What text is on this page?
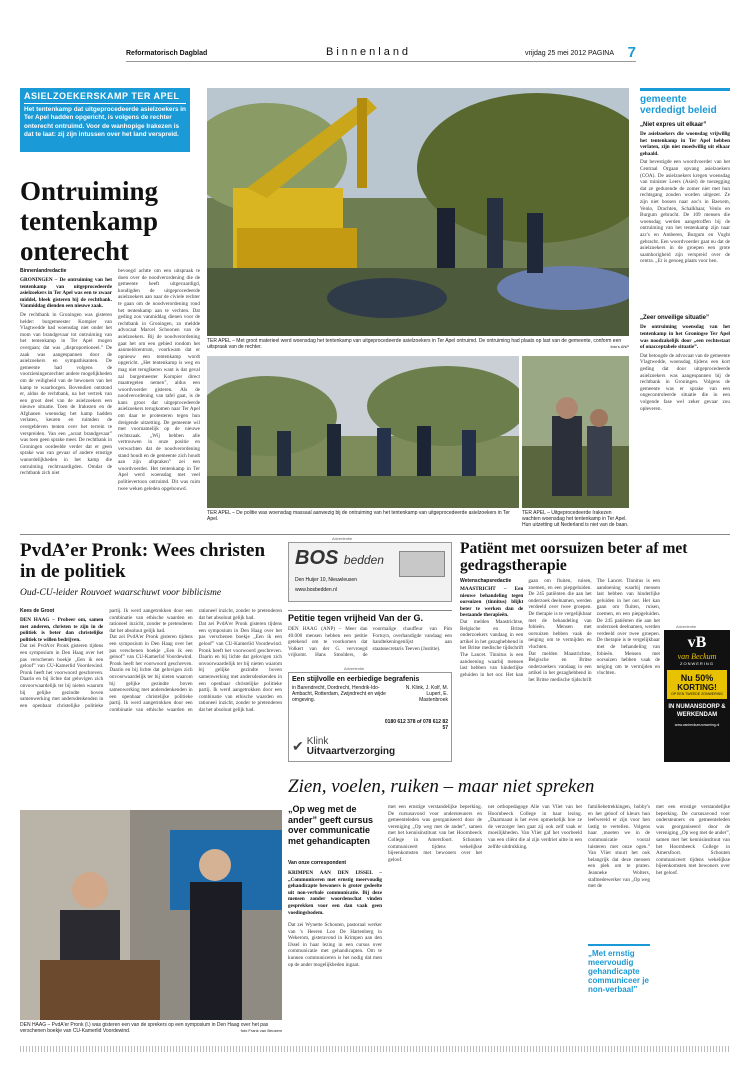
Reformatorisch Dagblad	Binnenland	vrijdag 25 mei 2012 PAGINA 7
ASIELZOEKERSKAMP TER APEL
Het tentenkamp dat uitgeprocedeerde asielzoekers in Ter Apel hadden opgericht, is volgens de rechter onterecht ontruimd. Voor de wanhopige Irakezen is dat te laat: zij zijn intussen over het land verspreid.
Ontruiming tentenkamp onterecht
Binnenlandredactie
GRONINGEN – De ontruiming van het tentenkamp van uitgeprocedeerde asielzoekers in Ter Apel was een te zwaar middel, bleek gisteren bij de rechtbank. Vanmiddag dienden een nieuwe zaak.
De rechtbank in Groningen was gisteren helder: burgemeester Kompier van Vlagtwedde had woensdag niet onder het mom van brandgevaar tot ontruiming van het tentenkamp in Ter Apel mogen overgaan; dat was „disproportioneel.” De zaak was aangespannen door de asielzoekers en sympathisanten. De gemeente had volgens de voorzieningenrechter andere mogelijkheden om de veiligheid van de bewoners van het kamp te waarborgen. Bovendien ontstond er, aldus de rechtbank, na het vertrek van een groot deel van de asielzoekers een nieuwe situatie. Toen de Irakezen en de Afghanen woensdag het kamp hadden verlaten, keuren en ruimden de overgebleven tenten over het terrein te verspreiden. Van een „acuut brandgevaar” was toen geen sprake meer. De rechtbank in Groningen oordeelde verder dat er geen sprake was van gevaar of andere ernstige wanordelijkheden in het kamp die ontruiming rechtvaardigden. Omdat de rechtbank zich niet
bevoegd achtte om een uitspraak te doen over de noodverordening die de gemeente heeft uitgevaardigd, kondigden de uitgeprocedeerde asielzoekers aan naar de civiele rechter te gaan om de noodverordening rond het tentenkamp aan te vechten. Dat geding zou vanmiddag dienen voor de rechtbank in Groningen, zo meldde advocaat Marcel Schoonen van de asielzoekers. Bij de noodverordening gaat het om een gebied rondom het aanmeldcentrum, voorkwam dat er opnieuw een tentenkamp wordt opgericht. „Het tentenkamp is weg en mag niet teruglkeren want is dat geval zal burgemeester Kompier direct maatregelen nemen”, aldus een woordvoerder gisteren. Als de noodverordening van tafel gaat, is de kans groot dat uitgeprocedeerde asielzoekers terugkomen naar Ter Apel om daar te protesteren tegen hun dreigende uitzetting. De gemeente wil met voornamelijk op de nieuwe rechtszaak. „Wij hebben alle vertrouwen in onze positie en verwachten dat de noodverordening stand houdt en de gemeente zich houdt aan zijn afspraken” zei een woordvoerder. Het tentenkamp in Ter Apel werd woensdag met veel politievertoon ontruimd. Dit was ruim twee weken geleden opgebouwd.
TER APEL – Met groot materieel werd woensdag het tentenkamp van uitgeprocedeerde asielzoekers in Ter Apel ontruimd. De ontruiming had plaats op last van de gemeente, conform een uitspraak van de rechter.	foto's ANP
TER APEL – De politie was woensdag massaal aanwezig bij de ontruiming van het tentenkamp van uitgeprocedeerde asielzoekers in Ter Apel.
TER APEL – Uitgeprocedeerde Irakezen wachten woensdag het tentenkamp in Ter Apel. Hun uitzetting uit Nederland is niet van de baan.
gemeente verdedigt beleid
„Niet expres uit elkaar”
De asielzoekers die woensdag vrijwillig het tentenkamp in Ter Apel hebben verlaten, zijn niet moedwillig uit elkaar gehaald.
Dat bevestigde een woordvoerder van het Centraal Orgaan opvang asielzoekers (COA). De asielzoekers kregen woensdag van minister Leers (Asiel) de toezegging dat ze gedurende de zomer niet met hun rechtsgang zouden worden uitgezet. Ze zijn niet bossen naar aoc's in Baexem, Venlo, Drachten, Schalkhaar, Venlo en Burgum gebracht. De 109 mensen die woensdag werden aangetroffen bij de ontruiming van het tentenkamp zijn naar azc's en Amberen, Burgum en Vught gebracht. Een woordvoerder gaat nu dat de asielzoekers in de groepen een grote saamhorigheid zijn verspreid over de centra. „Er is genoeg plaats voor hen.
„Zeer onveilige situatie”
De ontruiming woensdag van het tentenkamp in het Groningse Ter Apel was noodzakelijk door „een rechtsstaat of onacceptabele situatie”.
Dat betoogde de advocaat van de gemeente Vlagtwedde, woensdag tijdens een kort geding dat door uitgeprocedeerde asielzoekers was aangespannen bij de rechtbank in Groningen. Volgens de gemeente was er sprake van een ongecontroleerde situatie die in een volgende fase wel zeker gevaar zou opleveren.
PvdA’er Pronk: Wees christen in de politiek
Oud-CU-leider Rouvoet waarschuwt voor biblicisme
Kees de Groot
DEN HAAG – Probeer om, samen met anderen, christen te zijn in de politiek is beter dan christelijke politiek te willen bedrijven.
Dat zei PvdA'er Pronk gisteren tijdens een symposium in Den Haag over het pas verschenen boekje „Een ik een geloof” van CU-Kamerlid Voordewind. Pronk heeft het voorwoord geschreven. Daarin en bij lichte dat gelovigen zich onvoorwaardelijk ter bij nieten waarom bij gelijke gezindte boven samenwerking met andersdenkenden in een openbaar christelijke politieke partij. Ik werd aangetrokken door een combinatie van ethische waarden en rationeel inzicht, zonder te pretenderen dat het absoluut gelijk had.
Dat zei PvdA'er Pronk gisteren tijdens een symposium in Den Haag over het pas verschenen boekje „Een ik een geloof” van CU-Kamerlid Voordewind. Pronk heeft het voorwoord geschreven. Daarin en bij lichte dat gelovigen zich onvoorwaardelijk ter bij nieten waarom bij gelijke gezindte boven samenwerking met andersdenkenden in een openbaar christelijke politieke partij. Ik werd aangetrokken door een combinatie van ethische waarden en rationeel inzicht, zonder te pretenderen dat het absoluut gelijk had.
Dat zei PvdA'er Pronk gisteren tijdens een symposium in Den Haag over het pas verschenen boekje „Een ik een geloof” van CU-Kamerlid Voordewind. Pronk heeft het voorwoord geschreven. Daarin en bij lichte dat gelovigen zich onvoorwaardelijk ter bij nieten waarom bij gelijke gezindte boven samenwerking met andersdenkenden in een openbaar christelijke politieke partij. Ik werd aangetrokken door een combinatie van ethische waarden en rationeel inzicht, zonder te pretenderen dat het absoluut gelijk had.
DEN HAAG – PvdA'er Pronk (l.) was gisteren een van de sprekers op een symposium in Den Haag over het pas verschenen boekje van CU-Kamerlid Voordewind.	foto Frank van Beusem
Advertentie
BOS bedden
Den Huijer 10, Nieuwleusen
www.bosbedden.nl
Petitie tegen vrijheid Van der G.
DEN HAAG (ANP) – Meer dan 40.000 mensen hebben een petitie getekend om te voorkomen dat Volkert van der G. vervroegd vrijkomt. Hans Smolders, de voormalige chauffeur van Pim Fortuyn, overhandigde vandaag een handtekeningenlijst aan staatssecretaris Teeven (Justitie).
Advertentie
Een stijlvolle en eerbiedige begrafenis
in Barendrecht, Dordrecht, Hendrik-Ido-Ambacht, Rotterdam, Zwijndrecht en wijde omgeving.
N. Klink, J. Kolf, M. Lupert, E. Mastenbroek
0180 612 378 of 078 612 82 57
✔ Klink
Uitvaartverzorging
Patiënt met oorsuizen beter af met gedragstherapie
Wetenschapsredactie
MAASTRICHT – Een nieuwe behandeling tegen oorsuizen (tinnitus) blijkt beter te werken dan de bestaande therapieën.
Dat melden Maastrichtse, Belgische en Britse onderzoekers vandaag in een artikel in het gezaghebbend in het Britse medische tijdschrift The Lancet. Tinnitus is een aandoening waarbij mensen last hebben van hinderlijke geluiden in het oor. Het kan gaan om fluiten, ruisen, zoemen, en een piepgeluiden. De 245 patiënten die aan het onderzoek deelnamen, werden verdeeld over twee groepen. De therapie is te vergelijkbaar met de behandeling van fobieën. Mensen met oorsuizen hebben vaak de neiging om te vermijden en vluchten.
Dat melden Maastrichtse, Belgische en Britse onderzoekers vandaag in een artikel in het gezaghebbend in het Britse medische tijdschrift The Lancet. Tinnitus is een aandoening waarbij mensen last hebben van hinderlijke geluiden in het oor. Het kan gaan om fluiten, ruisen, zoemen, en een piepgeluiden. De 245 patiënten die aan het onderzoek deelnamen, werden verdeeld over twee groepen. De therapie is te vergelijkbaar met de behandeling van fobieën. Mensen met oorsuizen hebben vaak de neiging om te vermijden en vluchten.
Advertentie
vB
van Beckum
ZONWERING
Nu 50%
KORTING!
OP EEN TWEEDE ZONWERING
IN NUMANSDORP & WERKENDAM
www.vanbeckumzonwering.nl
Zien, voelen, ruiken – maar niet spreken
„Op weg met de ander” geeft cursus over communicatie met gehandicapten
Van onze correspondent
KRIMPEN AAN DEN IJSSEL – „Communiceren met ernstig meervoudig gehandicapte bewoners is groter gedeelte uit non-verbale communicatie. Bij deze mensen zonder woordenschat vinden gesprekken voor een dan vaak geen voedingsbodem.
Dat zei Wynette Schouten, pastoraal werker van 's Heeren Loo De Hartenberg in Wekerom, gisteravond in Krimpen aan den IJssel in haar lezing in een cursus over communicatie met gehandicapten. Om te kunnen communiceren is het nodig dat men op de ander mogelijkheden ingaat.
met een ernstige verstandelijke beperking. De cursusavond voor ondersteuners en gemeenteleden was georganiseerd door de vereniging „Op weg met de ander”, samen met het kennisinstituut van het Hoornbeeck College in Amersfoort. Schouten communiceert tijdens wekelijkse bijeenkomsten met bewoners over het geloof.
net orthopedagoge Alie van Vliet van het Hoornbeeck College in haar lezing. „Daarmaast is het even opmerkelijk hoe ze de verzorger hen gaat zij ook zelf vaak er moeilijkheden. Van Vliet gaf het voorbeeld van een cliënt die al zijn verdriet uitte in een zelfde uitdrukking.
familiebetrekkingen, hobby's en het geloof of kleurs hun leefwereld er zijn voor hen lastig te vertellen. Volgens haar ,moeten we in de communicatie vooral luisteren met onze ogen.” Van Vliet stuurt het ook belangrijk dat deze mensen een plek om te praten. Jeanneke Wolters, stafmedewerker van „Op weg met de
„Met ernstig meervoudig gehandicapte communiceer je non-verbaal”
met een ernstige verstandelijke beperking. De cursusavond voor ondersteuners en gemeenteleden was georganiseerd door de vereniging „Op weg met de ander”, samen met het kennisinstituut van het Hoornbeeck College in Amersfoort. Schouten communiceert tijdens wekelijkse bijeenkomsten met bewoners over het geloof.
